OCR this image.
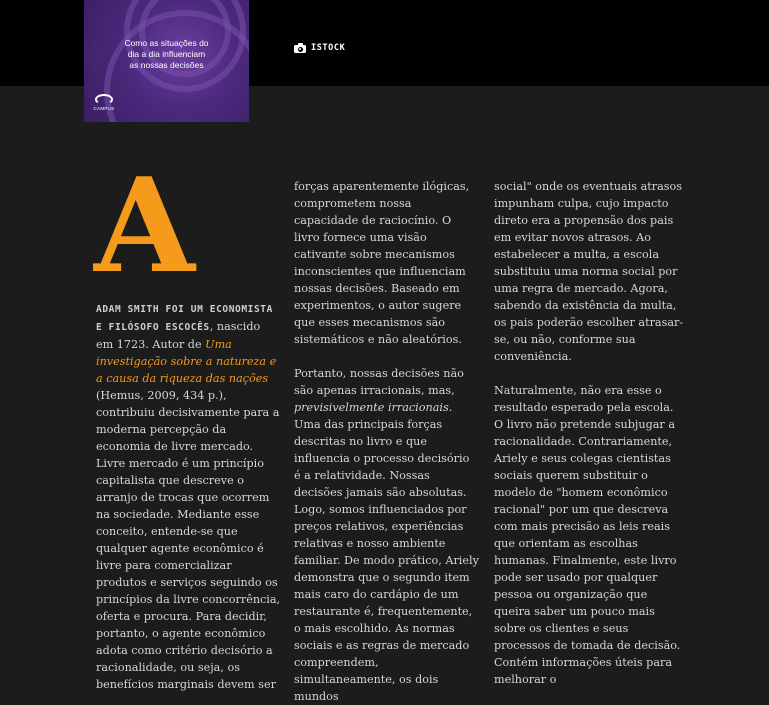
Como as situações do
dia a dia influenciam
as nossas decisões
CAMPUS
ISTOCK
A

ADAM SMITH FOI UM ECONOMISTA E FILÓSOFO ESCOCÊS, nascido em 1723. Autor de Uma investigação sobre a natureza e a causa da riqueza das nações (Hemus, 2009, 434 p.), contribuiu decisivamente para a moderna percepção da economia de livre mercado. Livre mercado é um princípio capitalista que descreve o arranjo de trocas que ocorrem na sociedade. Mediante esse conceito, entende-se que qualquer agente econômico é livre para comercializar produtos e serviços seguindo os princípios da livre concorrência, oferta e procura. Para decidir, portanto, o agente econômico adota como critério decisório a racionalidade, ou seja, os benefícios marginais devem ser

forças aparentemente ilógicas, comprometem nossa capacidade de raciocínio. O livro fornece uma visão cativante sobre mecanismos inconscientes que influenciam nossas decisões. Baseado em experimentos, o autor sugere que esses mecanismos são sistemáticos e não aleatórios.

Portanto, nossas decisões não são apenas irracionais, mas, previsivelmente irracionais. Uma das principais forças descritas no livro e que influencia o processo decisório é a relatividade. Nossas decisões jamais são absolutas. Logo, somos influenciados por preços relativos, experiências relativas e nosso ambiente familiar. De modo prático, Ariely demonstra que o segundo item mais caro do cardápio de um restaurante é, frequentemente, o mais escolhido. As normas sociais e as regras de mercado compreendem, simultaneamente, os dois mundos

social" onde os eventuais atrasos impunham culpa, cujo impacto direto era a propensão dos pais em evitar novos atrasos. Ao estabelecer a multa, a escola substituiu uma norma social por uma regra de mercado. Agora, sabendo da existência da multa, os pais poderão escolher atrasar-se, ou não, conforme sua conveniência.

Naturalmente, não era esse o resultado esperado pela escola. O livro não pretende subjugar a racionalidade. Contrariamente, Ariely e seus colegas cientistas sociais querem substituir o modelo de "homem econômico racional" por um que descreva com mais precisão as leis reais que orientam as escolhas humanas. Finalmente, este livro pode ser usado por qualquer pessoa ou organização que queira saber um pouco mais sobre os clientes e seus processos de tomada de decisão. Contém informações úteis para melhorar o
